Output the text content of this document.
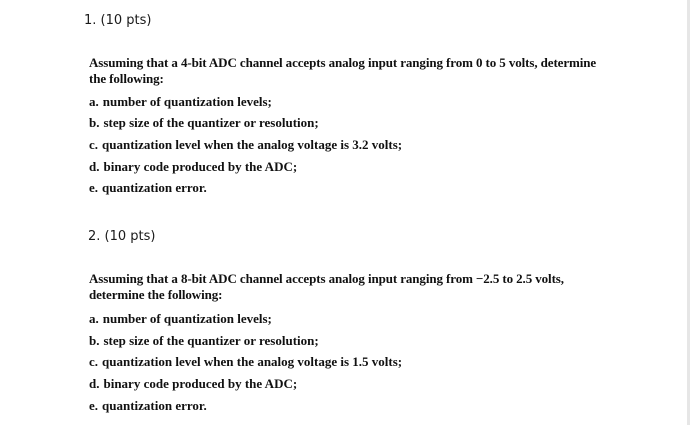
1. (10 pts)
Assuming that a 4-bit ADC channel accepts analog input ranging from 0 to 5 volts, determine the following:
a. number of quantization levels;
b. step size of the quantizer or resolution;
c. quantization level when the analog voltage is 3.2 volts;
d. binary code produced by the ADC;
e. quantization error.
2. (10 pts)
Assuming that a 8-bit ADC channel accepts analog input ranging from −2.5 to 2.5 volts, determine the following:
a. number of quantization levels;
b. step size of the quantizer or resolution;
c. quantization level when the analog voltage is 1.5 volts;
d. binary code produced by the ADC;
e. quantization error.
